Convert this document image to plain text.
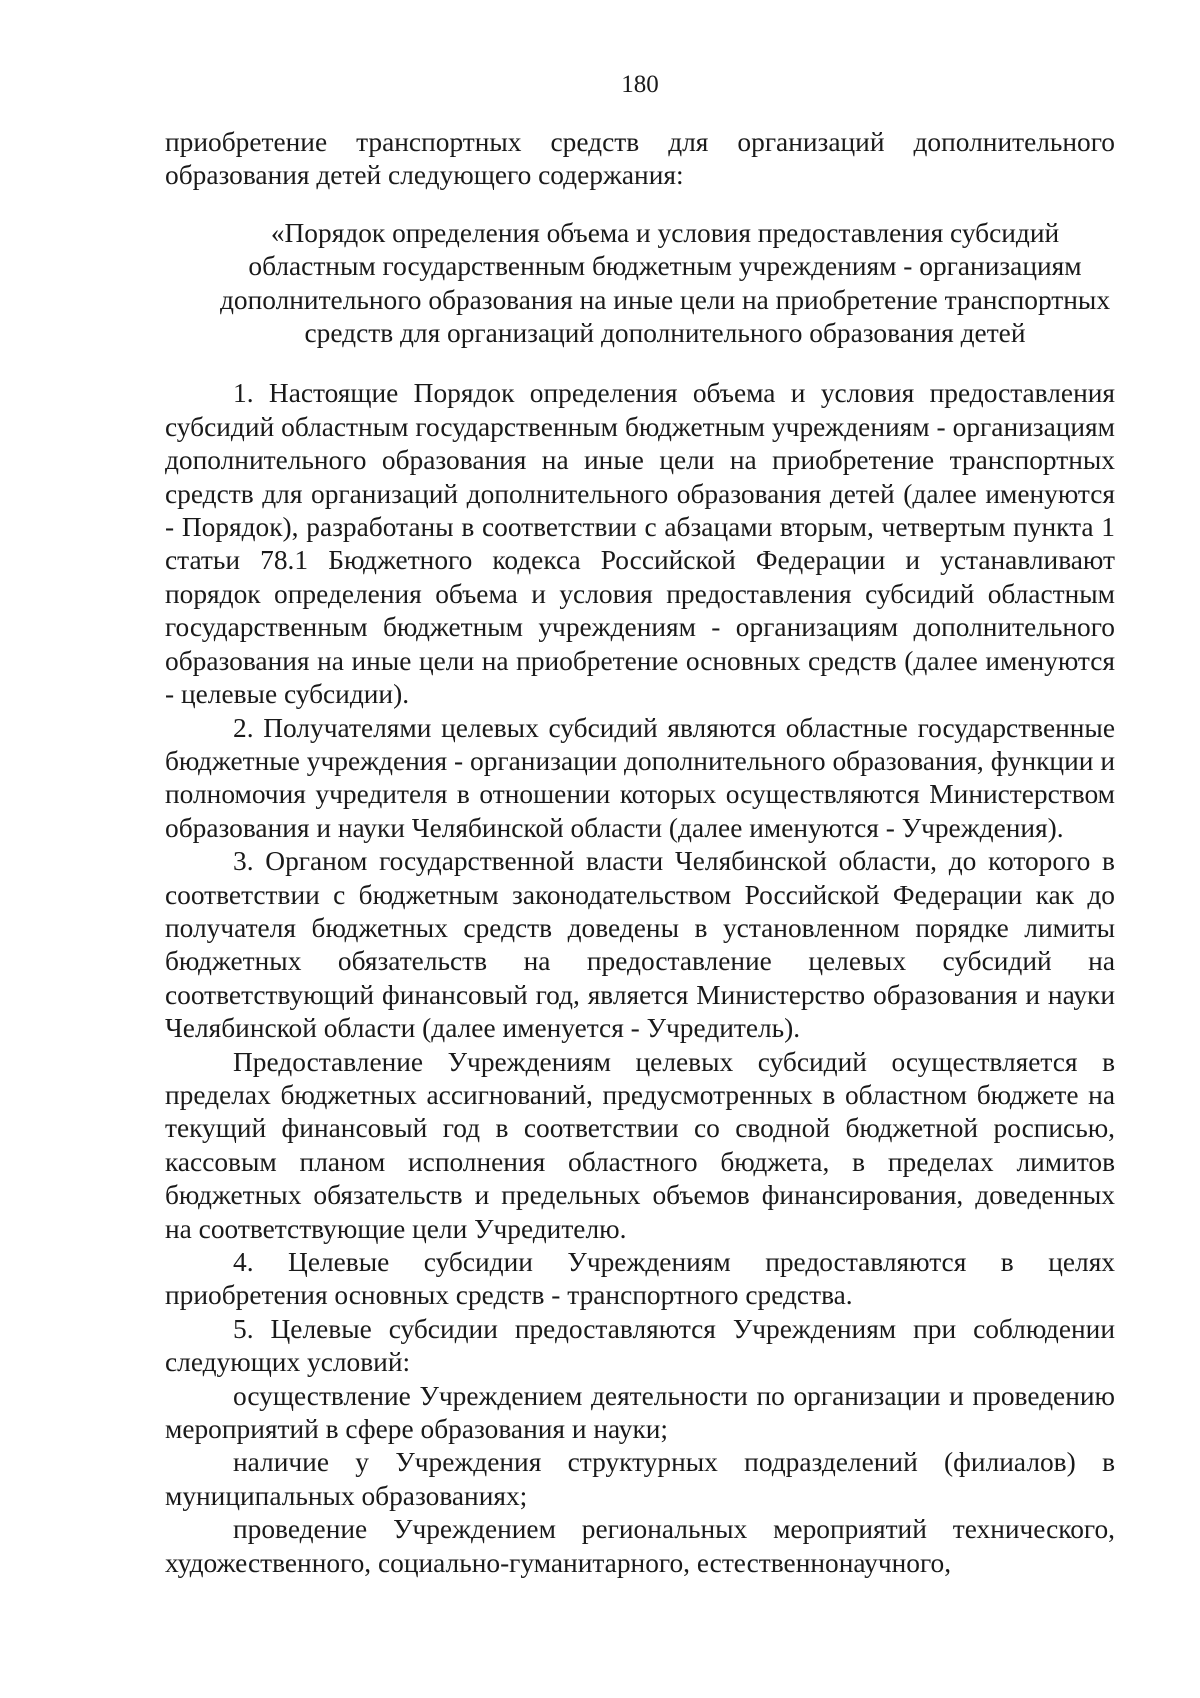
180

приобретение транспортных средств для организаций дополнительного образования детей следующего содержания:

«Порядок определения объема и условия предоставления субсидий
областным государственным бюджетным учреждениям - организациям
дополнительного образования на иные цели на приобретение транспортных
средств для организаций дополнительного образования детей

1. Настоящие Порядок определения объема и условия предоставления субсидий областным государственным бюджетным учреждениям - организациям дополнительного образования на иные цели на приобретение транспортных средств для организаций дополнительного образования детей (далее именуются - Порядок), разработаны в соответствии с абзацами вторым, четвертым пункта 1 статьи 78.1 Бюджетного кодекса Российской Федерации и устанавливают порядок определения объема и условия предоставления субсидий областным государственным бюджетным учреждениям - организациям дополнительного образования на иные цели на приобретение основных средств (далее именуются - целевые субсидии).

2. Получателями целевых субсидий являются областные государственные бюджетные учреждения - организации дополнительного образования, функции и полномочия учредителя в отношении которых осуществляются Министерством образования и науки Челябинской области (далее именуются - Учреждения).

3. Органом государственной власти Челябинской области, до которого в соответствии с бюджетным законодательством Российской Федерации как до получателя бюджетных средств доведены в установленном порядке лимиты бюджетных обязательств на предоставление целевых субсидий на соответствующий финансовый год, является Министерство образования и науки Челябинской области (далее именуется - Учредитель).

Предоставление Учреждениям целевых субсидий осуществляется в пределах бюджетных ассигнований, предусмотренных в областном бюджете на текущий финансовый год в соответствии со сводной бюджетной росписью, кассовым планом исполнения областного бюджета, в пределах лимитов бюджетных обязательств и предельных объемов финансирования, доведенных на соответствующие цели Учредителю.

4. Целевые субсидии Учреждениям предоставляются в целях приобретения основных средств - транспортного средства.

5. Целевые субсидии предоставляются Учреждениям при соблюдении следующих условий:

осуществление Учреждением деятельности по организации и проведению мероприятий в сфере образования и науки;

наличие у Учреждения структурных подразделений (филиалов) в муниципальных образованиях;

проведение Учреждением региональных мероприятий технического, художественного, социально-гуманитарного, естественнонаучного,
